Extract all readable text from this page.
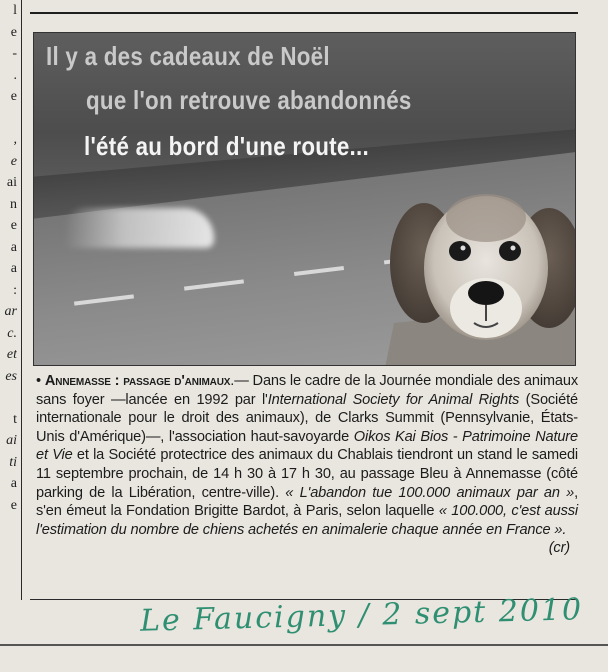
l
e
-
.
e
,
e
ai
n
e
a
a
:
ar
c.
et
es
t
ai
ti
a
e
Il y a des cadeaux de Noël
que l'on retrouve abandonnés
l'été au bord d'une route...
• Annemasse : passage d'animaux.— Dans le cadre de la Journée mondiale des animaux sans foyer —lancée en 1992 par l'International Society for Animal Rights (Société internationale pour le droit des animaux), de Clarks Summit (Pennsylvanie, États-Unis d'Amérique)—, l'association haut-savoyarde Oikos Kai Bios - Patrimoine Nature et Vie et la Société protectrice des animaux du Chablais tiendront un stand le samedi 11 septembre prochain, de 14 h 30 à 17 h 30, au passage Bleu à Annemasse (côté parking de la Libération, centre-ville). « L'abandon tue 100.000 animaux par an », s'en émeut la Fondation Brigitte Bardot, à Paris, selon laquelle « 100.000, c'est aussi l'estimation du nombre de chiens achetés en animalerie chaque année en France ».
(cr)
Le Faucigny / 2 sept 2010
